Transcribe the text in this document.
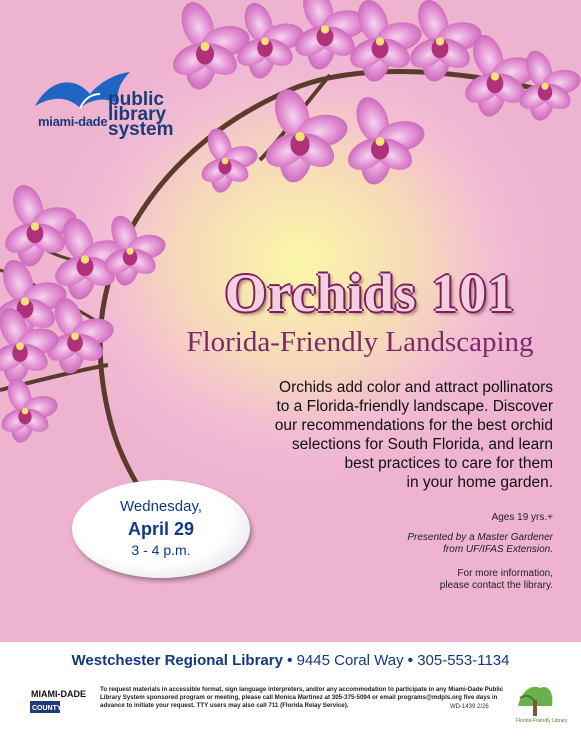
miami-dade
public library system
Orchids 101
Florida-Friendly Landscaping
Orchids add color and attract pollinators
to a Florida-friendly landscape. Discover
our recommendations for the best orchid
selections for South Florida, and learn
best practices to care for them
in your home garden.
Ages 19 yrs.+
Presented by a Master Gardener
from UF/IFAS Extension.
For more information,
please contact the library.
Wednesday,
April 29
3 - 4 p.m.
Westchester Regional Library • 9445 Coral Way • 305-553-1134
MIAMI-DADE
COUNTY
To request materials in accessible format, sign language interpreters, and/or any accommodation to participate in any Miami-Dade Public Library System sponsored program or meeting, please call Monica Martinez at 305-375-5094 or email programs@mdpls.org five days in advance to initiate your request. TTY users may also call 711 (Florida Relay Service).	WD-1439 2/26
Florida-Friendly Library
